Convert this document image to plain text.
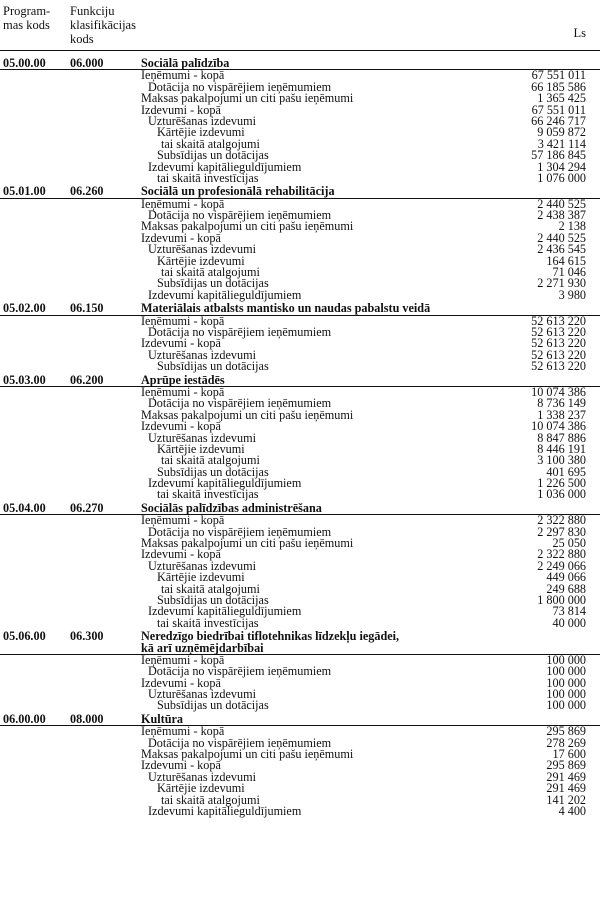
Program-
mas kods
Funkciju
klasifikācijas
kods	Ls
05.00.00 06.000	Sociālā palīdzība
Ieņēmumi - kopā	67 551 011
Dotācija no vispārējiem ieņēmumiem	66 185 586
Maksas pakalpojumi un citi pašu ieņēmumi	1 365 425
Izdevumi - kopā	67 551 011
Uzturēšanas izdevumi	66 246 717
Kārtējie izdevumi	9 059 872
tai skaitā atalgojumi	3 421 114
Subsīdijas un dotācijas	57 186 845
Izdevumi kapitālieguldījumiem	1 304 294
tai skaitā investīcijas	1 076 000
05.01.00 06.260	Sociālā un profesionālā rehabilitācija
Ieņēmumi - kopā	2 440 525
Dotācija no vispārējiem ieņēmumiem	2 438 387
Maksas pakalpojumi un citi pašu ieņēmumi	2 138
Izdevumi - kopā	2 440 525
Uzturēšanas izdevumi	2 436 545
Kārtējie izdevumi	164 615
tai skaitā atalgojumi	71 046
Subsīdijas un dotācijas	2 271 930
Izdevumi kapitālieguldījumiem	3 980
05.02.00 06.150	Materiālais atbalsts mantisko un naudas pabalstu veidā
Ieņēmumi - kopā	52 613 220
Dotācija no vispārējiem ieņēmumiem	52 613 220
Izdevumi - kopā	52 613 220
Uzturēšanas izdevumi	52 613 220
Subsīdijas un dotācijas	52 613 220
05.03.00 06.200	Aprūpe iestādēs
Ieņēmumi - kopā	10 074 386
Dotācija no vispārējiem ieņēmumiem	8 736 149
Maksas pakalpojumi un citi pašu ieņēmumi	1 338 237
Izdevumi - kopā	10 074 386
Uzturēšanas izdevumi	8 847 886
Kārtējie izdevumi	8 446 191
tai skaitā atalgojumi	3 100 380
Subsīdijas un dotācijas	401 695
Izdevumi kapitālieguldījumiem	1 226 500
tai skaitā investīcijas	1 036 000
05.04.00 06.270	Sociālās palīdzības administrēšana
Ieņēmumi - kopā	2 322 880
Dotācija no vispārējiem ieņēmumiem	2 297 830
Maksas pakalpojumi un citi pašu ieņēmumi	25 050
Izdevumi - kopā	2 322 880
Uzturēšanas izdevumi	2 249 066
Kārtējie izdevumi	449 066
tai skaitā atalgojumi	249 688
Subsīdijas un dotācijas	1 800 000
Izdevumi kapitālieguldījumiem	73 814
tai skaitā investīcijas	40 000
05.06.00 06.300	Neredzīgo biedrībai tiflotehnikas līdzekļu iegādei,
kā arī uzņēmējdarbībai
Ieņēmumi - kopā	100 000
Dotācija no vispārējiem ieņēmumiem	100 000
Izdevumi - kopā	100 000
Uzturēšanas izdevumi	100 000
Subsīdijas un dotācijas	100 000
06.00.00 08.000	Kultūra
Ieņēmumi - kopā	295 869
Dotācija no vispārējiem ieņēmumiem	278 269
Maksas pakalpojumi un citi pašu ieņēmumi	17 600
Izdevumi - kopā	295 869
Uzturēšanas izdevumi	291 469
Kārtējie izdevumi	291 469
tai skaitā atalgojumi	141 202
Izdevumi kapitālieguldījumiem	4 400
